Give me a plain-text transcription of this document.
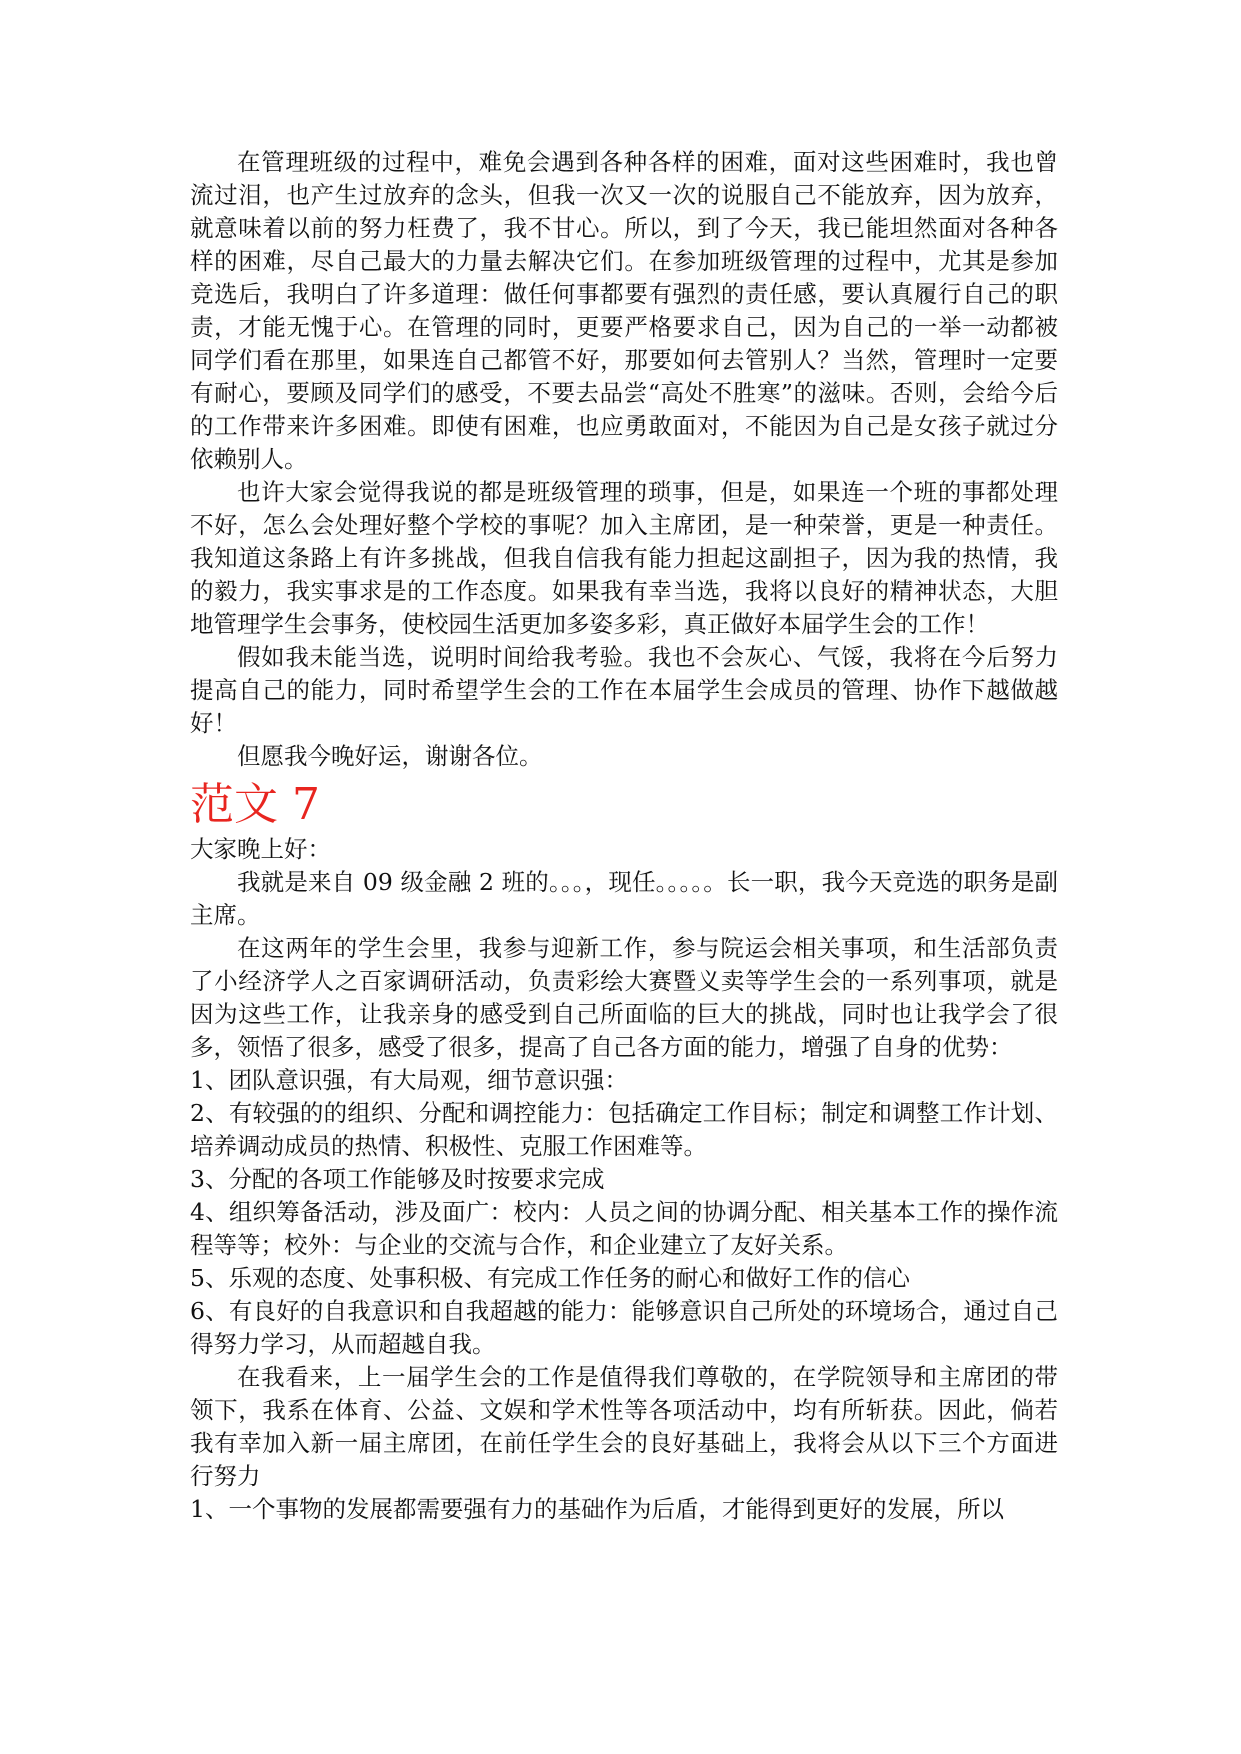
在管理班级的过程中，难免会遇到各种各样的困难，面对这些困难时，我也曾流过泪，也产生过放弃的念头，但我一次又一次的说服自己不能放弃，因为放弃，就意味着以前的努力枉费了，我不甘心。所以，到了今天，我已能坦然面对各种各样的困难，尽自己最大的力量去解决它们。在参加班级管理的过程中，尤其是参加竞选后，我明白了许多道理：做任何事都要有强烈的责任感，要认真履行自己的职责，才能无愧于心。在管理的同时，更要严格要求自己，因为自己的一举一动都被同学们看在那里，如果连自己都管不好，那要如何去管别人？当然，管理时一定要有耐心，要顾及同学们的感受，不要去品尝“高处不胜寒”的滋味。否则，会给今后的工作带来许多困难。即使有困难，也应勇敢面对，不能因为自己是女孩子就过分依赖别人。

也许大家会觉得我说的都是班级管理的琐事，但是，如果连一个班的事都处理不好，怎么会处理好整个学校的事呢？加入主席团，是一种荣誉，更是一种责任。我知道这条路上有许多挑战，但我自信我有能力担起这副担子，因为我的热情，我的毅力，我实事求是的工作态度。如果我有幸当选，我将以良好的精神状态，大胆地管理学生会事务，使校园生活更加多姿多彩，真正做好本届学生会的工作！

假如我未能当选，说明时间给我考验。我也不会灰心、气馁，我将在今后努力提高自己的能力，同时希望学生会的工作在本届学生会成员的管理、协作下越做越好！

但愿我今晚好运，谢谢各位。

范文 7

大家晚上好：

我就是来自 09 级金融 2 班的。。。，现任。。。。。长一职，我今天竞选的职务是副主席。

在这两年的学生会里，我参与迎新工作，参与院运会相关事项，和生活部负责了小经济学人之百家调研活动，负责彩绘大赛暨义卖等学生会的一系列事项，就是因为这些工作，让我亲身的感受到自己所面临的巨大的挑战，同时也让我学会了很多，领悟了很多，感受了很多，提高了自己各方面的能力，增强了自身的优势：

1、团队意识强，有大局观，细节意识强：

2、有较强的的组织、分配和调控能力：包括确定工作目标；制定和调整工作计划、培养调动成员的热情、积极性、克服工作困难等。

3、分配的各项工作能够及时按要求完成

4、组织筹备活动，涉及面广：校内：人员之间的协调分配、相关基本工作的操作流程等等；校外：与企业的交流与合作，和企业建立了友好关系。

5、乐观的态度、处事积极、有完成工作任务的耐心和做好工作的信心

6、有良好的自我意识和自我超越的能力：能够意识自己所处的环境场合，通过自己得努力学习，从而超越自我。

在我看来，上一届学生会的工作是值得我们尊敬的，在学院领导和主席团的带领下，我系在体育、公益、文娱和学术性等各项活动中，均有所斩获。因此，倘若我有幸加入新一届主席团，在前任学生会的良好基础上，我将会从以下三个方面进行努力

1、一个事物的发展都需要强有力的基础作为后盾，才能得到更好的发展，所以
